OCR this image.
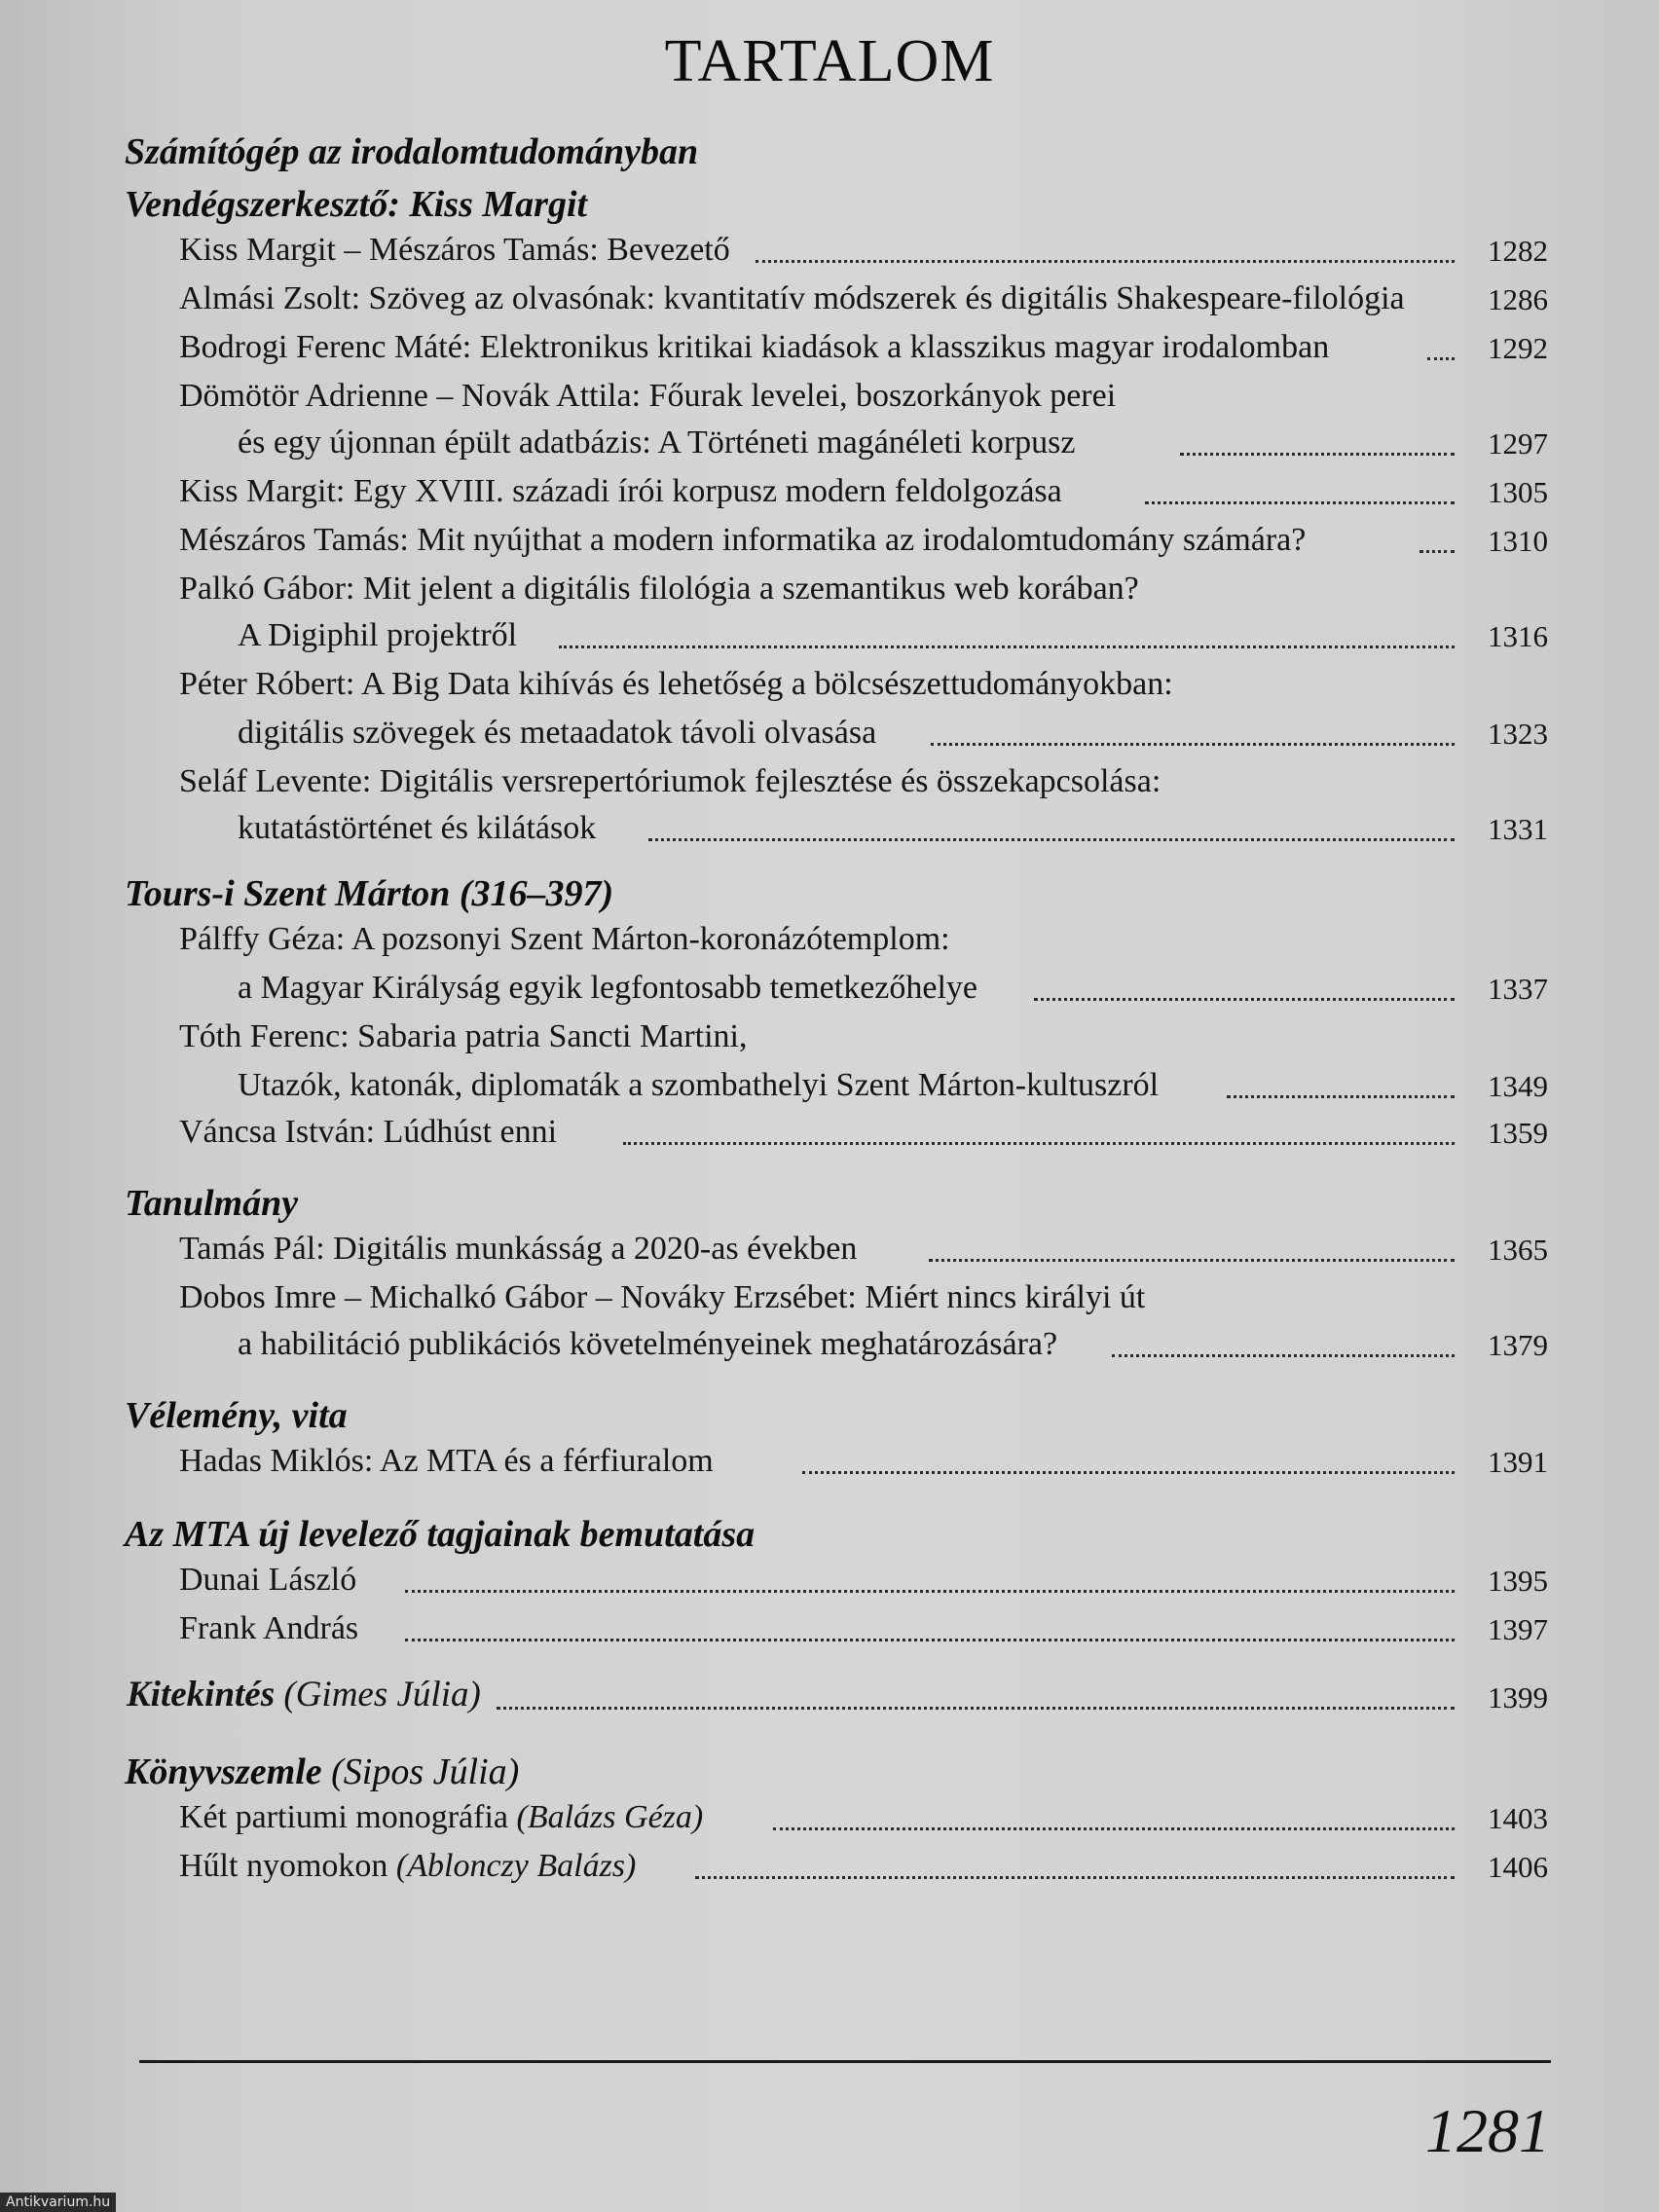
TARTALOM
Számítógép az irodalomtudományban
Vendégszerkesztő: Kiss Margit
Kiss Margit – Mészáros Tamás: Bevezető	1282
Almási Zsolt: Szöveg az olvasónak: kvantitatív módszerek és digitális Shakespeare-filológia	1286
Bodrogi Ferenc Máté: Elektronikus kritikai kiadások a klasszikus magyar irodalomban	1292
Dömötör Adrienne – Novák Attila: Főurak levelei, boszorkányok perei
és egy újonnan épült adatbázis: A Történeti magánéleti korpusz	1297
Kiss Margit: Egy XVIII. századi írói korpusz modern feldolgozása	1305
Mészáros Tamás: Mit nyújthat a modern informatika az irodalomtudomány számára?	1310
Palkó Gábor: Mit jelent a digitális filológia a szemantikus web korában?
A Digiphil projektről	1316
Péter Róbert: A Big Data kihívás és lehetőség a bölcsészettudományokban:
digitális szövegek és metaadatok távoli olvasása	1323
Seláf Levente: Digitális versrepertóriumok fejlesztése és összekapcsolása:
kutatástörténet és kilátások	1331
Tours-i Szent Márton (316–397)
Pálffy Géza: A pozsonyi Szent Márton-koronázótemplom:
a Magyar Királyság egyik legfontosabb temetkezőhelye	1337
Tóth Ferenc: Sabaria patria Sancti Martini,
Utazók, katonák, diplomaták a szombathelyi Szent Márton-kultuszról	1349
Váncsa István: Lúdhúst enni	1359
Tanulmány
Tamás Pál: Digitális munkásság a 2020-as években	1365
Dobos Imre – Michalkó Gábor – Nováky Erzsébet: Miért nincs királyi út
a habilitáció publikációs követelményeinek meghatározására?	1379
Vélemény, vita
Hadas Miklós: Az MTA és a férfiuralom	1391
Az MTA új levelező tagjainak bemutatása
Dunai László	1395
Frank András	1397
Kitekintés (Gimes Júlia)	1399
Könyvszemle (Sipos Júlia)
Két partiumi monográfia (Balázs Géza)	1403
Hűlt nyomokon (Ablonczy Balázs)	1406
1281
Antikvarium.hu
